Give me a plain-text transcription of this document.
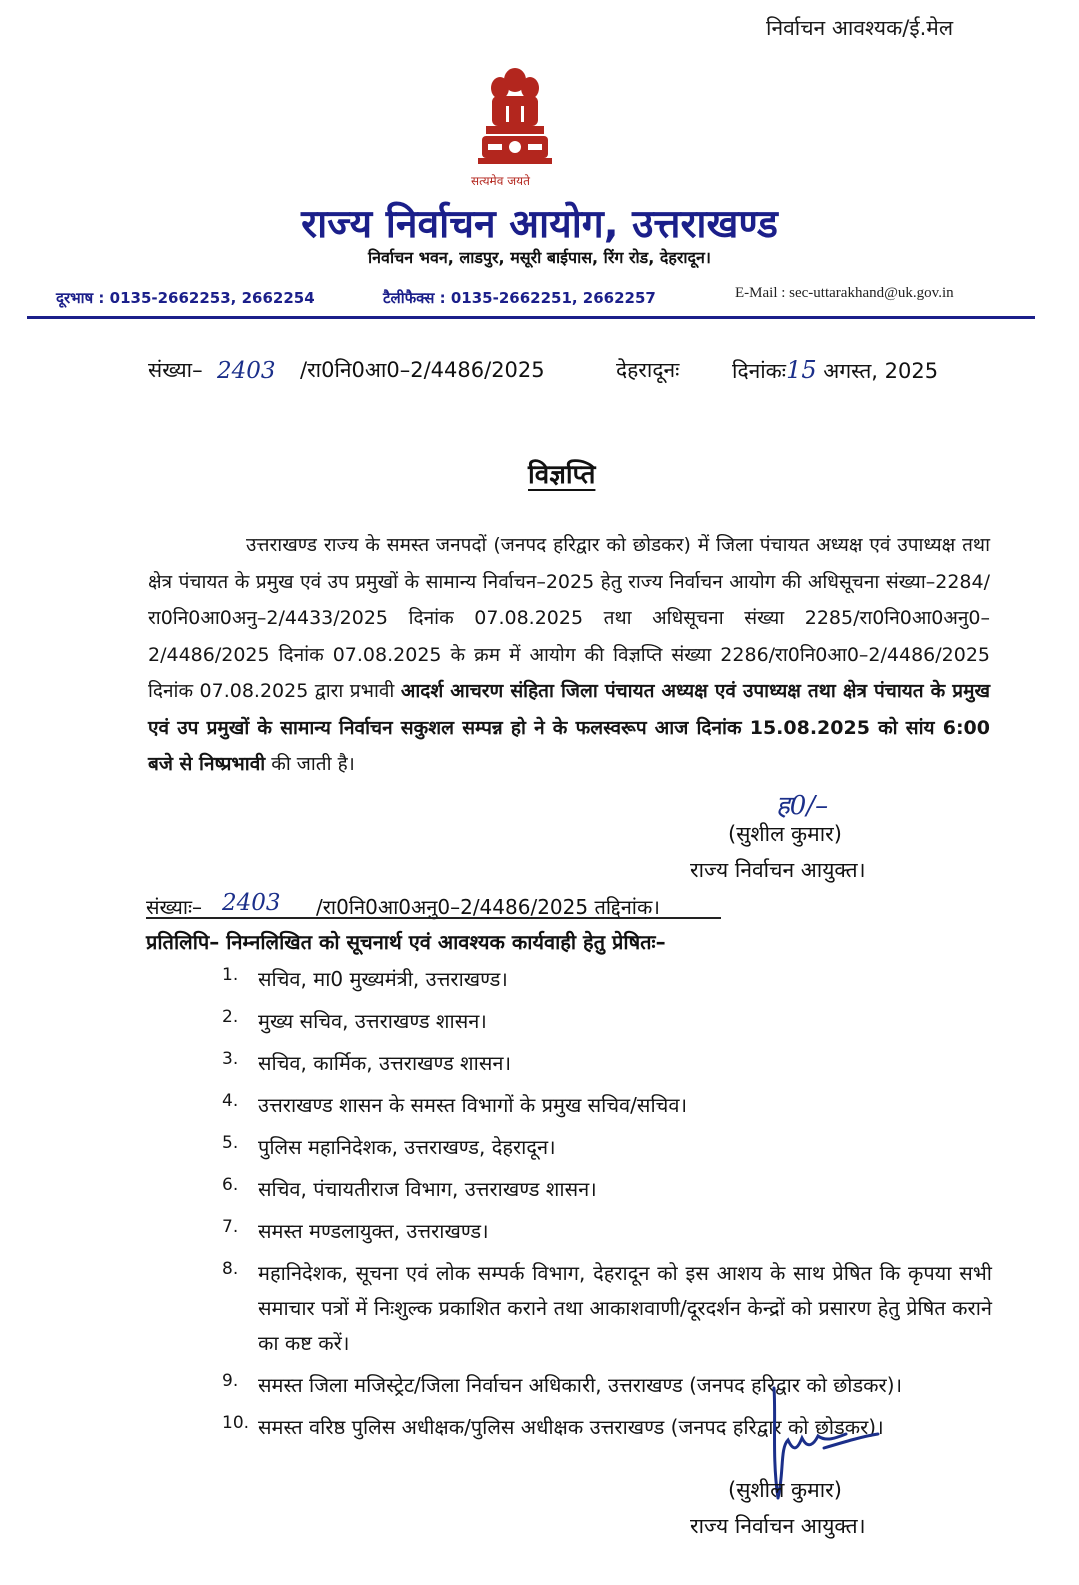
निर्वाचन आवश्यक/ई.मेल
सत्यमेव जयते
राज्य निर्वाचन आयोग, उत्तराखण्ड
निर्वाचन भवन, लाडपुर, मसूरी बाईपास, रिंग रोड, देहरादून।
दूरभाष : 0135-2662253, 2662254	टैलीफैक्स : 0135-2662251, 2662257	E-Mail : sec-uttarakhand@uk.gov.in
संख्या– 2403 /रा0नि0आ0–2/4486/2025	देहरादूनः	दिनांकः15 अगस्त, 2025
विज्ञप्ति
उत्तराखण्ड राज्य के समस्त जनपदों (जनपद हरिद्वार को छोडकर) में जिला पंचायत अध्यक्ष एवं उपाध्यक्ष तथा क्षेत्र पंचायत के प्रमुख एवं उप प्रमुखों के सामान्य निर्वाचन–2025 हेतु राज्य निर्वाचन आयोग की अधिसूचना संख्या–2284/रा0नि0आ0अनु–2/4433/2025 दिनांक 07.08.2025 तथा अधिसूचना संख्या 2285/रा0नि0आ0अनु0–2/4486/2025 दिनांक 07.08.2025 के क्रम में आयोग की विज्ञप्ति संख्या 2286/रा0नि0आ0–2/4486/2025 दिनांक 07.08.2025 द्वारा प्रभावी आदर्श आचरण संहिता जिला पंचायत अध्यक्ष एवं उपाध्यक्ष तथा क्षेत्र पंचायत के प्रमुख एवं उप प्रमुखों के सामान्य निर्वाचन सकुशल सम्पन्न हो ने के फलस्वरूप आज दिनांक 15.08.2025 को सांय 6:00 बजे से निष्प्रभावी की जाती है।
ह0/–
(सुशील कुमार)
राज्य निर्वाचन आयुक्त।
संख्याः– 2403 /रा0नि0आ0अनु0–2/4486/2025 तद्दिनांक।
प्रतिलिपि– निम्नलिखित को सूचनार्थ एवं आवश्यक कार्यवाही हेतु प्रेषितः–
1. सचिव, मा0 मुख्यमंत्री, उत्तराखण्ड।
2. मुख्य सचिव, उत्तराखण्ड शासन।
3. सचिव, कार्मिक, उत्तराखण्ड शासन।
4. उत्तराखण्ड शासन के समस्त विभागों के प्रमुख सचिव/सचिव।
5. पुलिस महानिदेशक, उत्तराखण्ड, देहरादून।
6. सचिव, पंचायतीराज विभाग, उत्तराखण्ड शासन।
7. समस्त मण्डलायुक्त, उत्तराखण्ड।
8. महानिदेशक, सूचना एवं लोक सम्पर्क विभाग, देहरादून को इस आशय के साथ प्रेषित कि कृपया सभी समाचार पत्रों में निःशुल्क प्रकाशित कराने तथा आकाशवाणी/दूरदर्शन केन्द्रों को प्रसारण हेतु प्रेषित कराने का कष्ट करें।
9. समस्त जिला मजिस्ट्रेट/जिला निर्वाचन अधिकारी, उत्तराखण्ड (जनपद हरिद्वार को छोडकर)।
10. समस्त वरिष्ठ पुलिस अधीक्षक/पुलिस अधीक्षक उत्तराखण्ड (जनपद हरिद्वार को छोडकर)।
(सुशील कुमार)
राज्य निर्वाचन आयुक्त।
